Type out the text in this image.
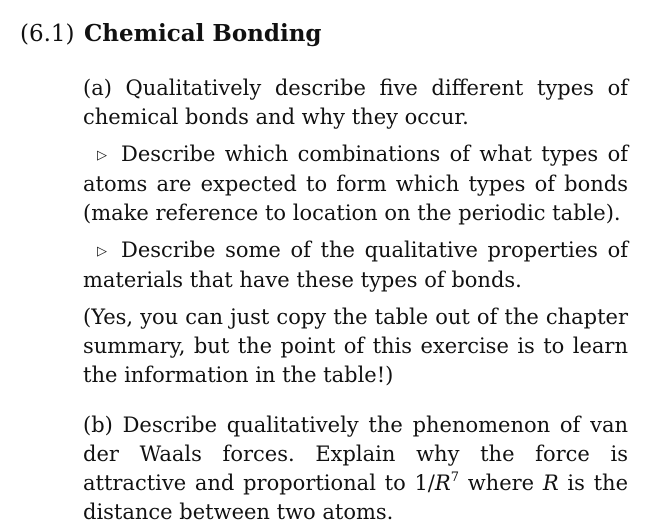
(6.1) Chemical Bonding

(a) Qualitatively describe five different types of chemical bonds and why they occur.

▷ Describe which combinations of what types of atoms are expected to form which types of bonds (make reference to location on the periodic table).

▷ Describe some of the qualitative properties of materials that have these types of bonds.

(Yes, you can just copy the table out of the chapter summary, but the point of this exercise is to learn the information in the table!)

(b) Describe qualitatively the phenomenon of van der Waals forces. Explain why the force is attractive and proportional to $1/R^7$ where R is the distance between two atoms.
